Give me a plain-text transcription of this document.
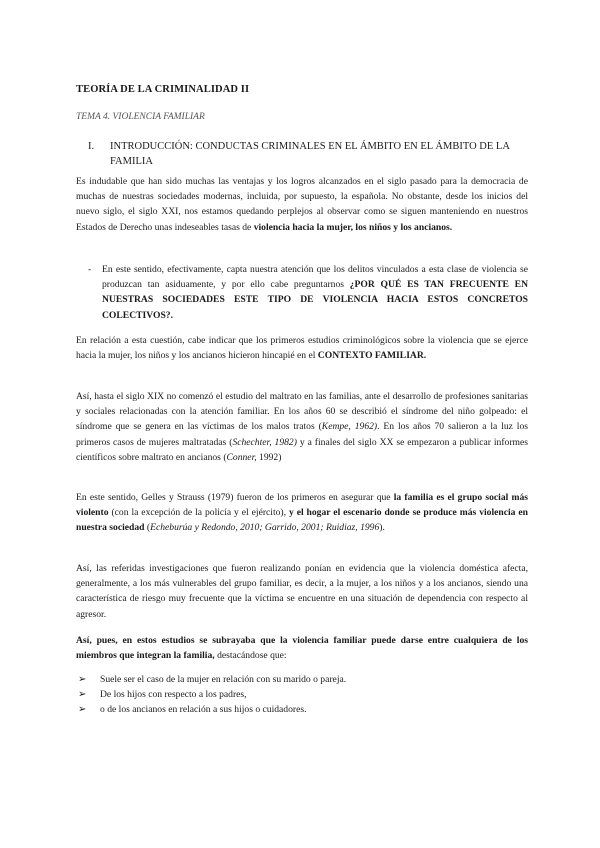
TEORÍA DE LA CRIMINALIDAD II
TEMA 4. VIOLENCIA FAMILIAR
I. INTRODUCCIÓN: CONDUCTAS CRIMINALES EN EL ÁMBITO EN EL ÁMBITO DE LA FAMILIA

Es indudable que han sido muchas las ventajas y los logros alcanzados en el siglo pasado para la democracia de muchas de nuestras sociedades modernas, incluida, por supuesto, la española. No obstante, desde los inicios del nuevo siglo, el siglo XXI, nos estamos quedando perplejos al observar como se siguen manteniendo en nuestros Estados de Derecho unas indeseables tasas de violencia hacia la mujer, los niños y los ancianos.

- En este sentido, efectivamente, capta nuestra atención que los delitos vinculados a esta clase de violencia se produzcan tan asiduamente, y por ello cabe preguntarnos ¿POR QUÉ ES TAN FRECUENTE EN NUESTRAS SOCIEDADES ESTE TIPO DE VIOLENCIA HACIA ESTOS CONCRETOS COLECTIVOS?.

En relación a esta cuestión, cabe indicar que los primeros estudios criminológicos sobre la violencia que se ejerce hacia la mujer, los niños y los ancianos hicieron hincapié en el CONTEXTO FAMILIAR.

Así, hasta el siglo XIX no comenzó el estudio del maltrato en las familias, ante el desarrollo de profesiones sanitarias y sociales relacionadas con la atención familiar. En los años 60 se describió el síndrome del niño golpeado: el síndrome que se genera en las víctimas de los malos tratos (Kempe, 1962). En los años 70 salieron a la luz los primeros casos de mujeres maltratadas (Schechter, 1982) y a finales del siglo XX se empezaron a publicar informes científicos sobre maltrato en ancianos (Conner, 1992)

En este sentido, Gelles y Strauss (1979) fueron de los primeros en asegurar que la familia es el grupo social más violento (con la excepción de la policía y el ejército), y el hogar el escenario donde se produce más violencia en nuestra sociedad (Echeburúa y Redondo, 2010; Garrido, 2001; Ruidiaz, 1996).

Así, las referidas investigaciones que fueron realizando ponían en evidencia que la violencia doméstica afecta, generalmente, a los más vulnerables del grupo familiar, es decir, a la mujer, a los niños y a los ancianos, siendo una característica de riesgo muy frecuente que la víctima se encuentre en una situación de dependencia con respecto al agresor.

Así, pues, en estos estudios se subrayaba que la violencia familiar puede darse entre cualquiera de los miembros que integran la familia, destacándose que:

➢ Suele ser el caso de la mujer en relación con su marido o pareja.
➢ De los hijos con respecto a los padres,
➢ o de los ancianos en relación a sus hijos o cuidadores.
